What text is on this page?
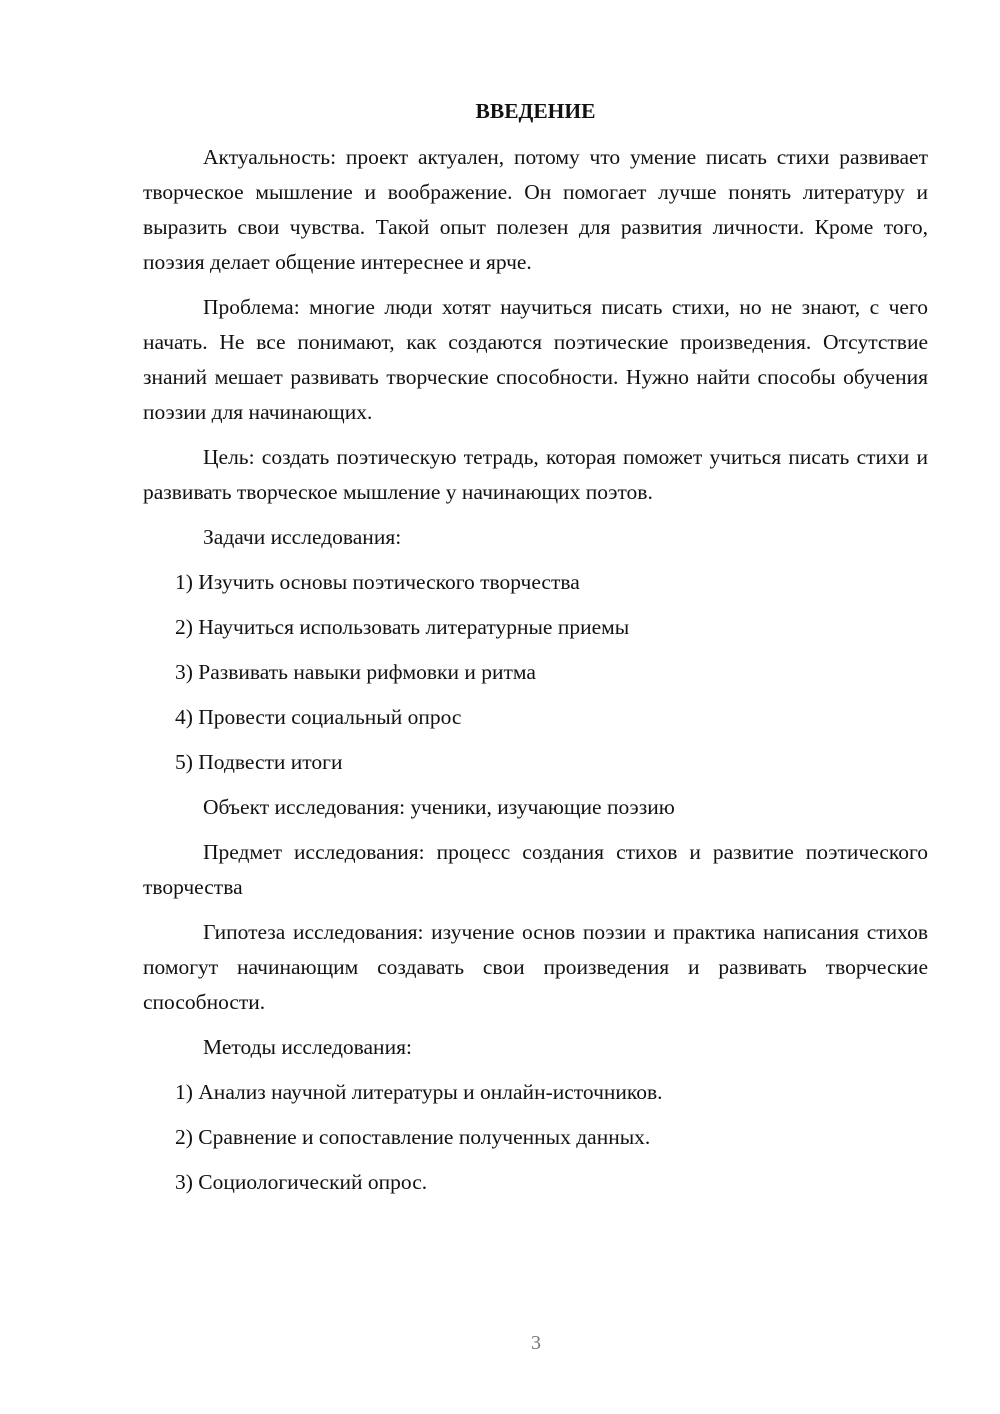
ВВЕДЕНИЕ

Актуальность: проект актуален, потому что умение писать стихи развивает творческое мышление и воображение. Он помогает лучше понять литературу и выразить свои чувства. Такой опыт полезен для развития личности. Кроме того, поэзия делает общение интереснее и ярче.

Проблема: многие люди хотят научиться писать стихи, но не знают, с чего начать. Не все понимают, как создаются поэтические произведения. Отсутствие знаний мешает развивать творческие способности. Нужно найти способы обучения поэзии для начинающих.

Цель: создать поэтическую тетрадь, которая поможет учиться писать стихи и развивать творческое мышление у начинающих поэтов.

Задачи исследования:

1) Изучить основы поэтического творчества
2) Научиться использовать литературные приемы
3) Развивать навыки рифмовки и ритма
4) Провести социальный опрос
5) Подвести итоги

Объект исследования: ученики, изучающие поэзию

Предмет исследования: процесс создания стихов и развитие поэтического творчества

Гипотеза исследования: изучение основ поэзии и практика написания стихов помогут начинающим создавать свои произведения и развивать творческие способности.

Методы исследования:

1) Анализ научной литературы и онлайн-источников.
2) Сравнение и сопоставление полученных данных.
3) Социологический опрос.
3
